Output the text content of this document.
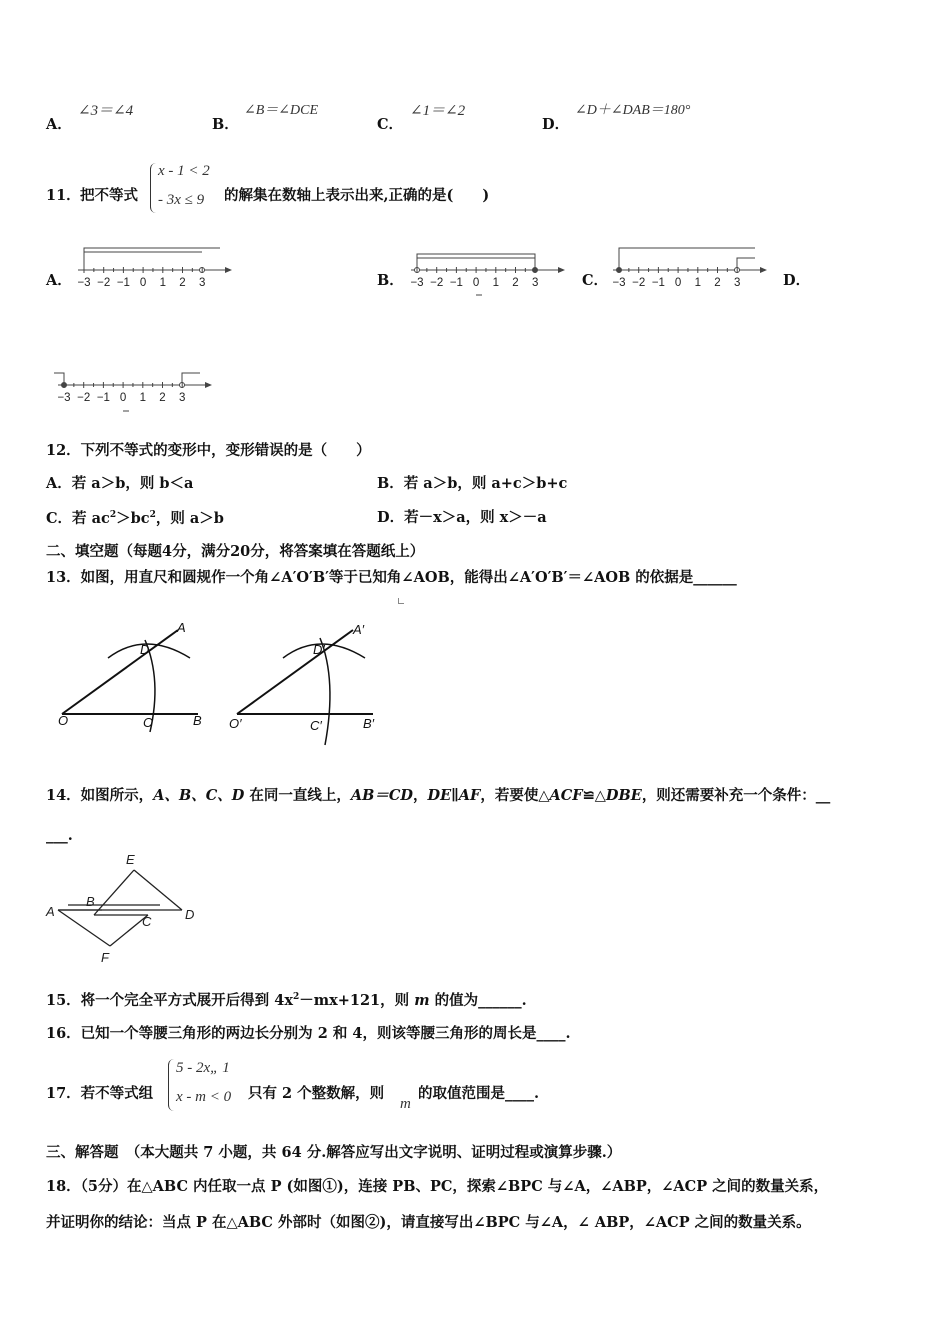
A．
∠3＝∠4
B．
∠B＝∠DCE
C．
∠1＝∠2
D．
∠D＋∠DAB＝180°
11． 把不等式
x - 1 < 2
- 3x ≤ 9 的解集在数轴上表示出来,正确的是(　　)
A． −3 −2 −1 0 1 2 3	B． −3 −2 −1 0 1 2 3	C． −3 −2 −1 0 1 2 3	D．
−3 −2 −1 0 1 2 3
12．下列不等式的变形中，变形错误的是（　　）
A．若 a＞b，则 b＜a	B．若 a＞b，则 a+c＞b+c
C．若 $ac^2>bc^2$，则 a＞b	D．若－x＞a，则 x＞－a
二、填空题（每题4分，满分20分，将答案填在答题纸上）
13．如图，用直尺和圆规作一个角∠A′O′B′等于已知角∠AOB，能得出∠A′O′B′＝∠AOB 的依据是______
O	C	B
D
A
O′	C′	B′
D′
A′
14．如图所示，A、B、C、D 在同一直线上，AB＝CD，DE∥AF，若要使△ACF≌△DBE，则还需要补充一个条件：__
___.
A
B
C	D
E
F
15．将一个完全平方式展开后得到 $4x^2-mx+121$，则 m 的值为______.
16．已知一个等腰三角形的两边长分别为 2 和 4，则该等腰三角形的周长是____.
17．若不等式组
5 - 2x„ 1
x - m < 0 只有 2 个整数解，则
m
的取值范围是____.
三、解答题　（本大题共 7 小题，共 64 分.解答应写出文字说明、证明过程或演算步骤.）
18．（5分）在△ABC 内任取一点 P (如图①)，连接 PB、PC，探索∠BPC 与∠A，∠ABP，∠ACP 之间的数量关系，
并证明你的结论：当点 P 在△ABC 外部时（如图②)，请直接写出∠BPC 与∠A，∠ ABP，∠ACP 之间的数量关系。
